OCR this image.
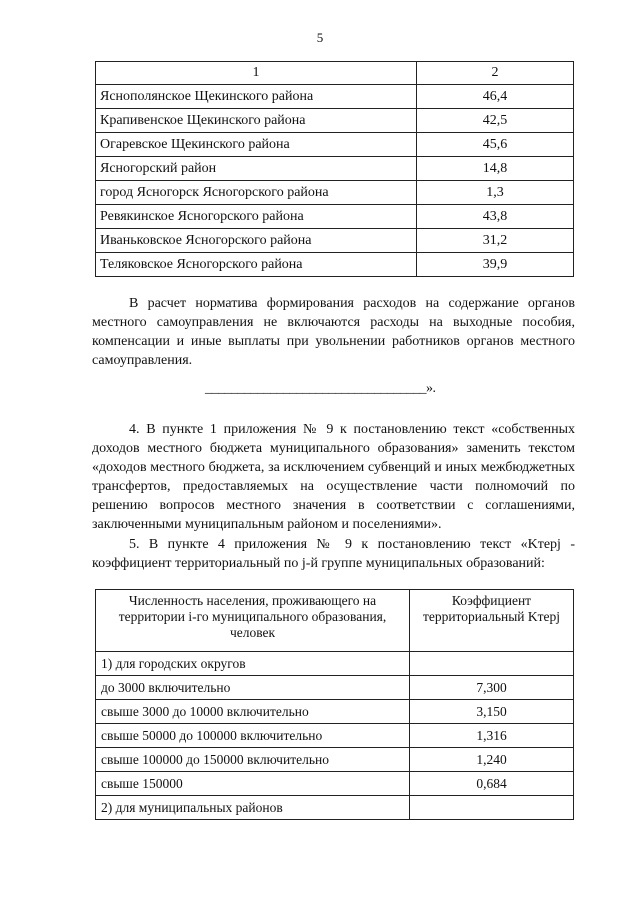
5
1	2
Яснополянское Щекинского района	46,4
Крапивенское Щекинского района	42,5
Огаревское Щекинского района	45,6
Ясногорский район	14,8
город Ясногорск Ясногорского района	1,3
Ревякинское Ясногорского района	43,8
Иваньковское Ясногорского района	31,2
Теляковское Ясногорского района	39,9
В расчет норматива формирования расходов на содержание органов местного самоуправления не включаются расходы на выходные пособия, компенсации и иные выплаты при увольнении работников органов местного самоуправления.
__________________________________».
4. В пункте 1 приложения № 9 к постановлению текст «собственных доходов местного бюджета муниципального образования» заменить текстом «доходов местного бюджета, за исключением субвенций и иных межбюджетных трансфертов, предоставляемых на осуществление части полномочий по решению вопросов местного значения в соответствии с соглашениями, заключенными муниципальным районом и поселениями».
5. В пункте 4 приложения № 9 к постановлению текст «Kтерj - коэффициент территориальный по j-й группе муниципальных образований:
Численность населения, проживающего на территории i-го муниципального образования, человек	Коэффициент территориальный Kтерj
1) для городских округов	
до 3000 включительно	7,300
свыше 3000 до 10000 включительно	3,150
свыше 50000 до 100000 включительно	1,316
свыше 100000 до 150000 включительно	1,240
свыше 150000	0,684
2) для муниципальных районов	
